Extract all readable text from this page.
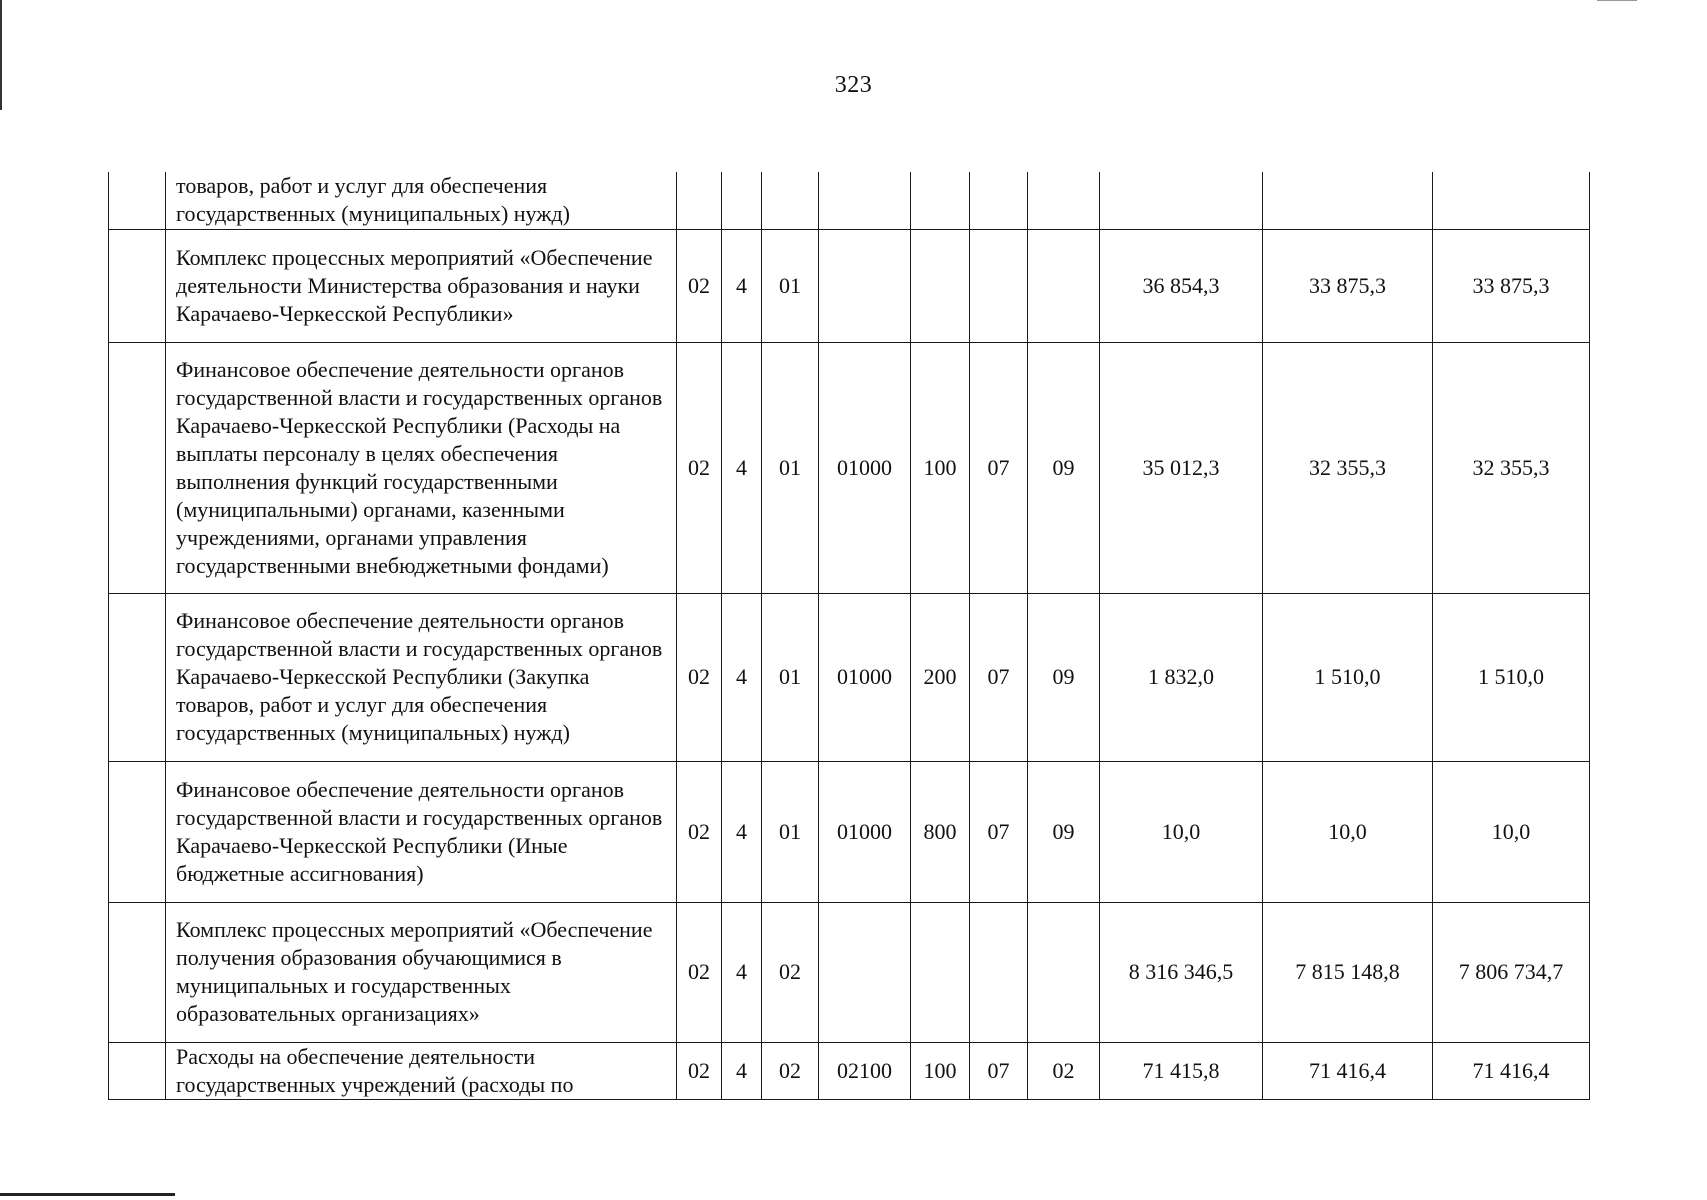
323
	товаров, работ и услуг для обеспечения государственных (муниципальных) нужд)										
	Комплекс процессных мероприятий «Обеспечение деятельности Министерства образования и науки Карачаево-Черкесской Республики»	02	4	01					36 854,3	33 875,3	33 875,3
	Финансовое обеспечение деятельности органов государственной власти и государственных органов Карачаево-Черкесской Республики (Расходы на выплаты персоналу в целях обеспечения выполнения функций государственными (муниципальными) органами, казенными учреждениями, органами управления государственными внебюджетными фондами)	02	4	01	01000	100	07	09	35 012,3	32 355,3	32 355,3
	Финансовое обеспечение деятельности органов государственной власти и государственных органов Карачаево-Черкесской Республики (Закупка товаров, работ и услуг для обеспечения государственных (муниципальных) нужд)	02	4	01	01000	200	07	09	1 832,0	1 510,0	1 510,0
	Финансовое обеспечение деятельности органов государственной власти и государственных органов Карачаево-Черкесской Республики (Иные бюджетные ассигнования)	02	4	01	01000	800	07	09	10,0	10,0	10,0
	Комплекс процессных мероприятий «Обеспечение получения образования обучающимися в муниципальных и государственных образовательных организациях»	02	4	02					8 316 346,5	7 815 148,8	7 806 734,7
	Расходы на обеспечение деятельности государственных учреждений (расходы по	02	4	02	02100	100	07	02	71 415,8	71 416,4	71 416,4
